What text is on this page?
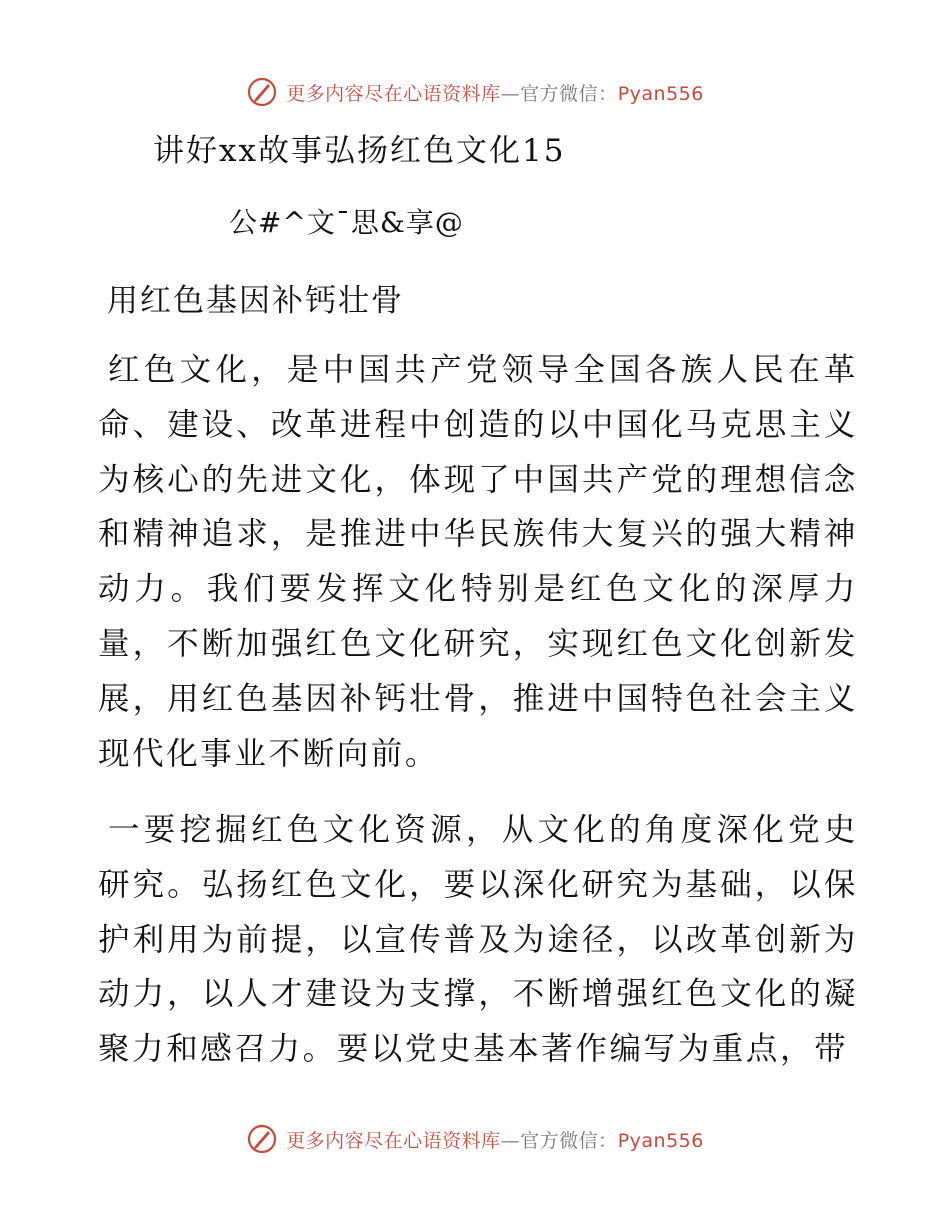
更多内容尽在心语资料库—官方微信：Pyan556
讲好xx故事弘扬红色文化15
公#^文¯思&享@
用红色基因补钙壮骨

红色文化，是中国共产党领导全国各族人民在革命、建设、改革进程中创造的以中国化马克思主义为核心的先进文化，体现了中国共产党的理想信念和精神追求，是推进中华民族伟大复兴的强大精神动力。我们要发挥文化特别是红色文化的深厚力量，不断加强红色文化研究，实现红色文化创新发展，用红色基因补钙壮骨，推进中国特色社会主义现代化事业不断向前。

一要挖掘红色文化资源，从文化的角度深化党史研究。弘扬红色文化，要以深化研究为基础，以保护利用为前提，以宣传普及为途径，以改革创新为动力，以人才建设为支撑，不断增强红色文化的凝聚力和感召力。要以党史基本著作编写为重点，带

更多内容尽在心语资料库—官方微信：Pyan556
